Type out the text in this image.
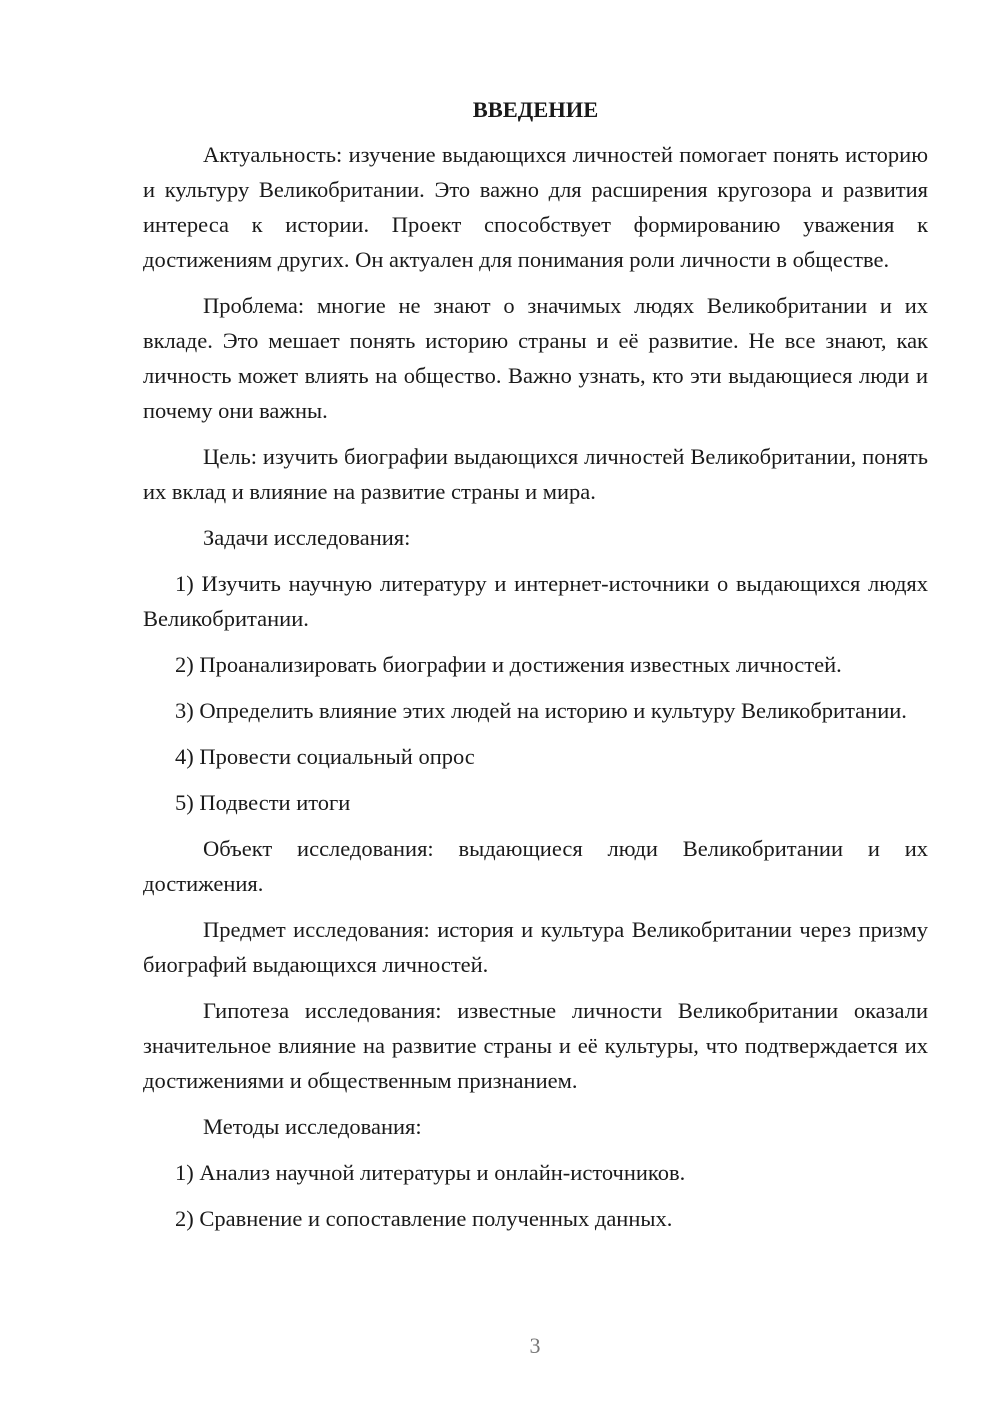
ВВЕДЕНИЕ

Актуальность: изучение выдающихся личностей помогает понять историю и культуру Великобритании. Это важно для расширения кругозора и развития интереса к истории. Проект способствует формированию уважения к достижениям других. Он актуален для понимания роли личности в обществе.

Проблема: многие не знают о значимых людях Великобритании и их вкладе. Это мешает понять историю страны и её развитие. Не все знают, как личность может влиять на общество. Важно узнать, кто эти выдающиеся люди и почему они важны.

Цель: изучить биографии выдающихся личностей Великобритании, понять их вклад и влияние на развитие страны и мира.

Задачи исследования:

1) Изучить научную литературу и интернет-источники о выдающихся людях Великобритании.

2) Проанализировать биографии и достижения известных личностей.

3) Определить влияние этих людей на историю и культуру Великобритании.

4) Провести социальный опрос

5) Подвести итоги

Объект исследования: выдающиеся люди Великобритании и их достижения.

Предмет исследования: история и культура Великобритании через призму биографий выдающихся личностей.

Гипотеза исследования: известные личности Великобритании оказали значительное влияние на развитие страны и её культуры, что подтверждается их достижениями и общественным признанием.

Методы исследования:

1) Анализ научной литературы и онлайн-источников.

2) Сравнение и сопоставление полученных данных.

3
